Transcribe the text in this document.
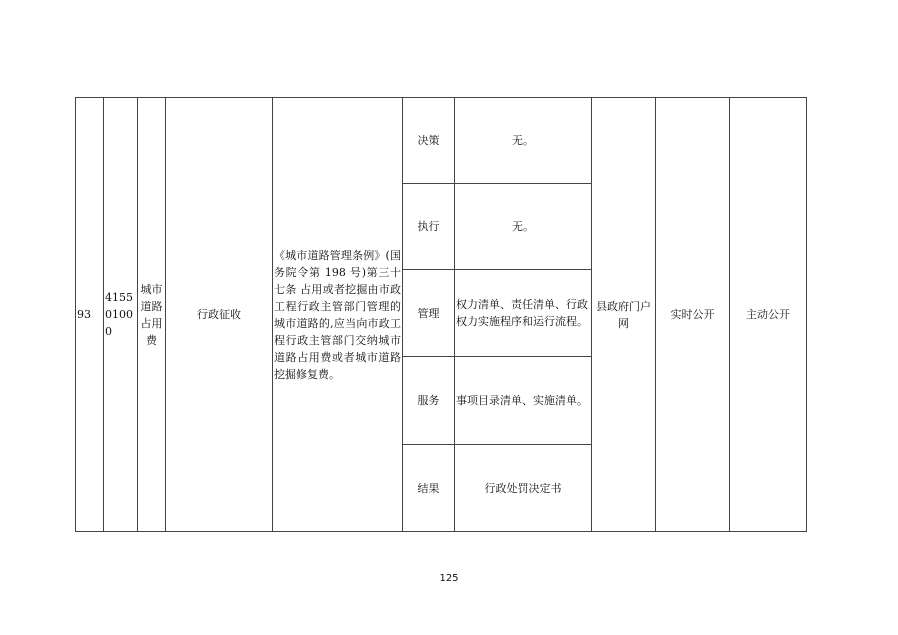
93	415501000	城市道路占用费	行政征收	《城市道路管理条例》(国务院令第 198 号)第三十七条 占用或者挖掘由市政工程行政主管部门管理的城市道路的,应当向市政工程行政主管部门交纳城市道路占用费或者城市道路挖掘修复费。	决策	无。	县政府门户网	实时公开	主动公开
					执行	无。			
					管理	权力清单、责任清单、行政权力实施程序和运行流程。			
					服务	事项目录清单、实施清单。			
					结果	行政处罚决定书			
125
